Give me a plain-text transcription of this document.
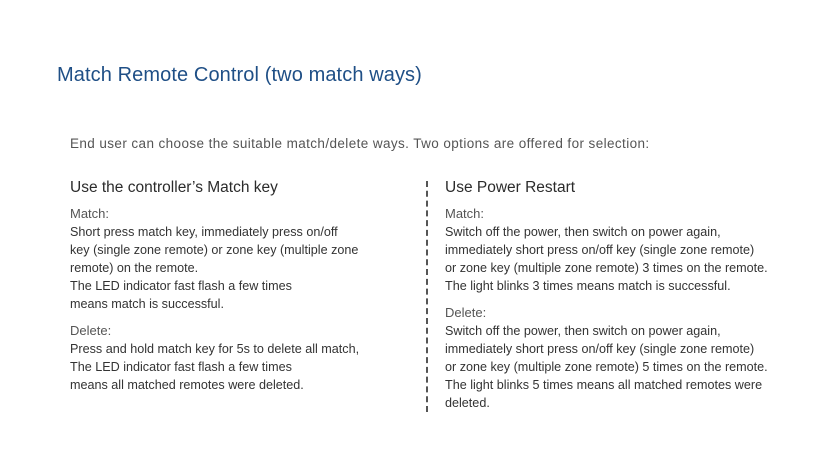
Match Remote Control (two match ways)
End user can choose the suitable match/delete ways. Two options are offered for selection:
Use the controller’s Match key
Match:
Short press match key, immediately press on/off
key (single zone remote) or zone key (multiple zone
remote) on the remote.
The LED indicator fast flash a few times
means match is successful.
Delete:
Press and hold match key for 5s to delete all match,
The LED indicator fast flash a few times
means all matched remotes were deleted.
Use Power Restart
Match:
Switch off the power, then switch on power again,
immediately short press on/off key (single zone remote)
or zone key (multiple zone remote) 3 times on the remote.
The light blinks 3 times means match is successful.
Delete:
Switch off the power, then switch on power again,
immediately short press on/off key (single zone remote)
or zone key (multiple zone remote) 5 times on the remote.
The light blinks 5 times means all matched remotes were
deleted.
